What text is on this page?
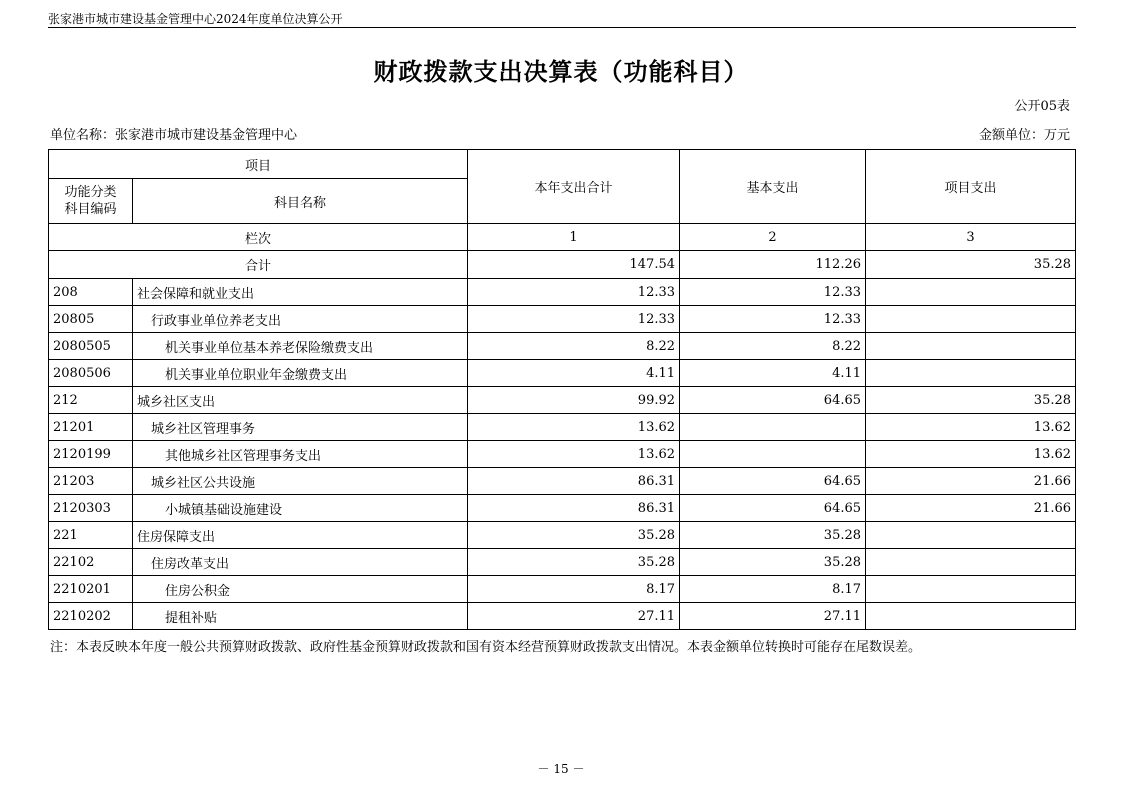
张家港市城市建设基金管理中心2024年度单位决算公开
财政拨款支出决算表（功能科目）
公开05表
单位名称：张家港市城市建设基金管理中心	金额单位：万元
项目		本年支出合计	基本支出	项目支出
功能分类
科目编码	科目名称			
栏次		1	2	3
合计		147.54	112.26	35.28
208	社会保障和就业支出	12.33	12.33	
20805	行政事业单位养老支出	12.33	12.33	
2080505	机关事业单位基本养老保险缴费支出	8.22	8.22	
2080506	机关事业单位职业年金缴费支出	4.11	4.11	
212	城乡社区支出	99.92	64.65	35.28
21201	城乡社区管理事务	13.62		13.62
2120199	其他城乡社区管理事务支出	13.62		13.62
21203	城乡社区公共设施	86.31	64.65	21.66
2120303	小城镇基础设施建设	86.31	64.65	21.66
221	住房保障支出	35.28	35.28	
22102	住房改革支出	35.28	35.28	
2210201	住房公积金	8.17	8.17	
2210202	提租补贴	27.11	27.11	
注：本表反映本年度一般公共预算财政拨款、政府性基金预算财政拨款和国有资本经营预算财政拨款支出情况。本表金额单位转换时可能存在尾数误差。
－ 15 －
